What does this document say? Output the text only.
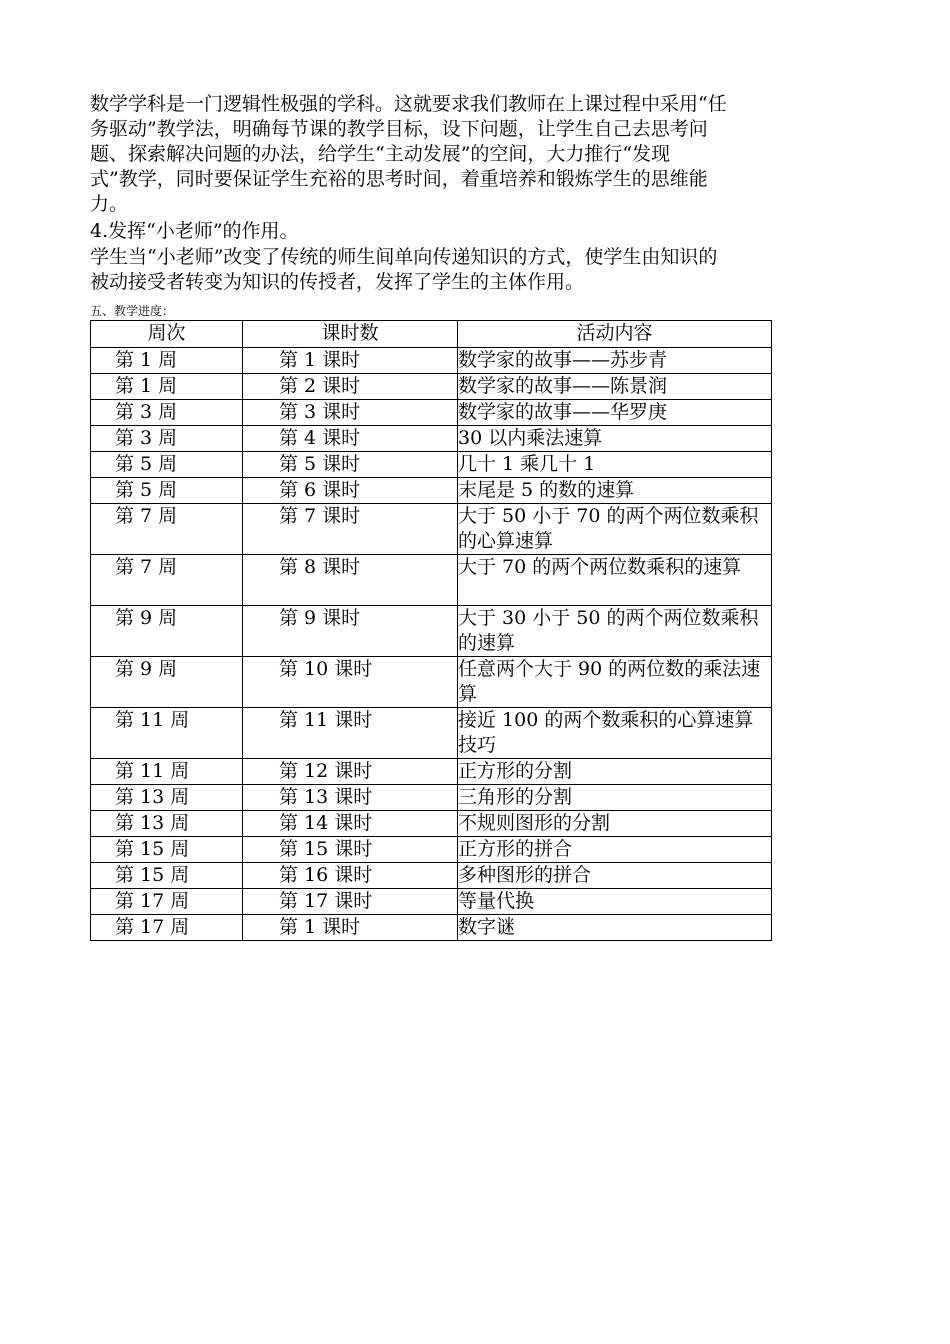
数学学科是一门逻辑性极强的学科。这就要求我们教师在上课过程中采用“任
务驱动”教学法，明确每节课的教学目标，设下问题，让学生自己去思考问
题、探索解决问题的办法，给学生“主动发展”的空间，大力推行“发现
式”教学，同时要保证学生充裕的思考时间，着重培养和锻炼学生的思维能
力。
4.发挥“小老师”的作用。
学生当“小老师”改变了传统的师生间单向传递知识的方式，使学生由知识的
被动接受者转变为知识的传授者，发挥了学生的主体作用。
五、教学进度：
周次	课时数	活动内容
第 1 周	第 1 课时	数学家的故事——苏步青
第 1 周	第 2 课时	数学家的故事——陈景润
第 3 周	第 3 课时	数学家的故事——华罗庚
第 3 周	第 4 课时	30 以内乘法速算
第 5 周	第 5 课时	几十 1 乘几十 1
第 5 周	第 6 课时	末尾是 5 的数的速算
第 7 周	第 7 课时	大于 50 小于 70 的两个两位数乘积的心算速算
第 7 周	第 8 课时	大于 70 的两个两位数乘积的速算
第 9 周	第 9 课时	大于 30 小于 50 的两个两位数乘积的速算
第 9 周	第 10 课时	任意两个大于 90 的两位数的乘法速算
第 11 周	第 11 课时	接近 100 的两个数乘积的心算速算技巧
第 11 周	第 12 课时	正方形的分割
第 13 周	第 13 课时	三角形的分割
第 13 周	第 14 课时	不规则图形的分割
第 15 周	第 15 课时	正方形的拼合
第 15 周	第 16 课时	多种图形的拼合
第 17 周	第 17 课时	等量代换
第 17 周	第 1 课时	数字谜
